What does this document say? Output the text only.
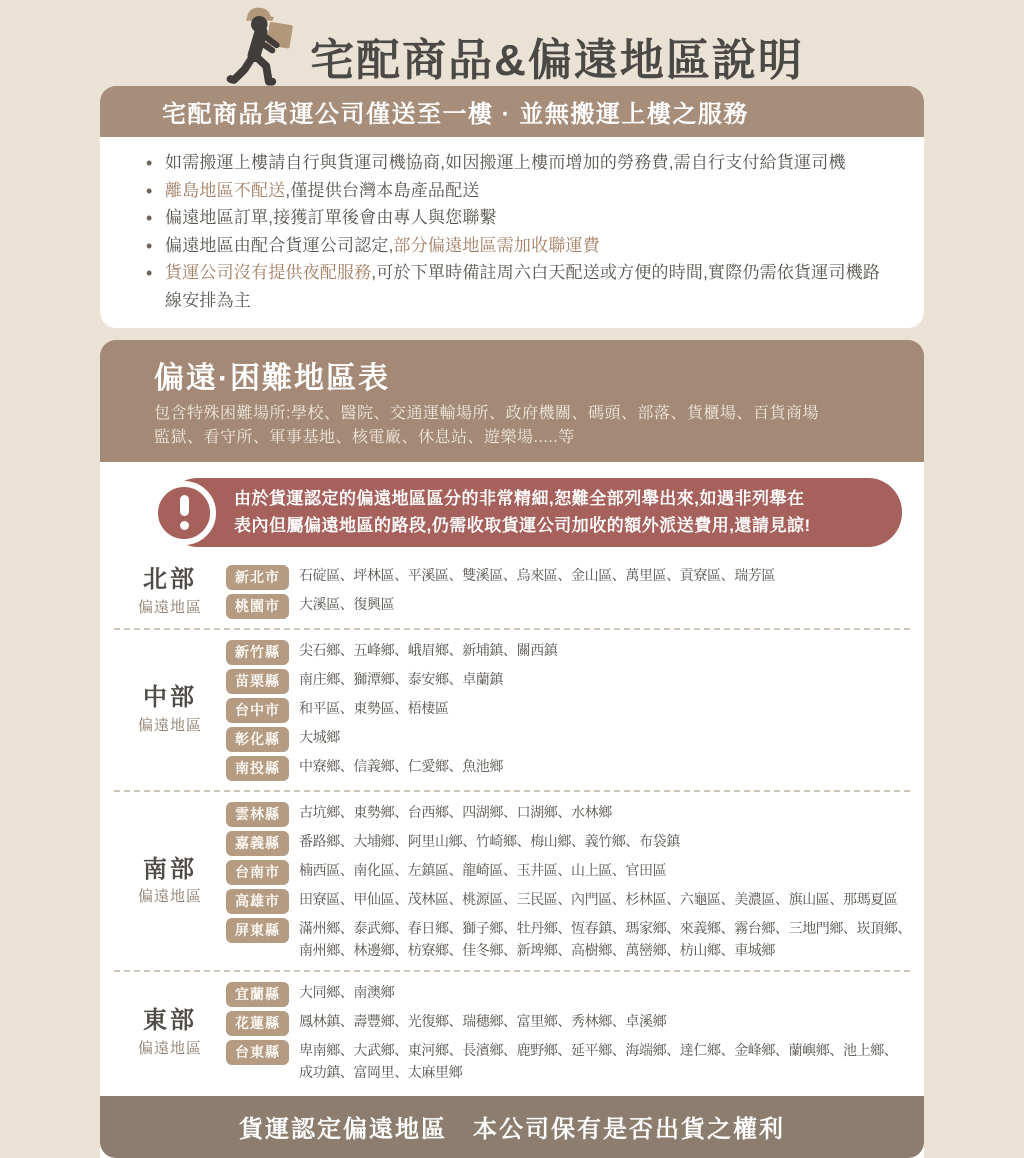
宅配商品&偏遠地區說明
宅配商品貨運公司僅送至一樓 · 並無搬運上樓之服務
• 如需搬運上樓請自行與貨運司機協商,如因搬運上樓而增加的勞務費,需自行支付給貨運司機
• 離島地區不配送,僅提供台灣本島產品配送
• 偏遠地區訂單,接獲訂單後會由專人與您聯繫
• 偏遠地區由配合貨運公司認定,部分偏遠地區需加收聯運費
• 貨運公司沒有提供夜配服務,可於下單時備註周六白天配送或方便的時間,實際仍需依貨運司機路線安排為主
偏遠·困難地區表
包含特殊困難場所:學校、醫院、交通運輸場所、政府機關、碼頭、部落、貨櫃場、百貨商場
監獄、看守所、軍事基地、核電廠、休息站、遊樂場.....等
由於貨運認定的偏遠地區區分的非常精細,恕難全部列舉出來,如遇非列舉在
表內但屬偏遠地區的路段,仍需收取貨運公司加收的額外派送費用,還請見諒!
北部
偏遠地區
新北市	石碇區、坪林區、平溪區、雙溪區、烏來區、金山區、萬里區、貢寮區、瑞芳區
桃園市	大溪區、復興區
中部
偏遠地區
新竹縣	尖石鄉、五峰鄉、峨眉鄉、新埔鎮、關西鎮
苗栗縣	南庄鄉、獅潭鄉、泰安鄉、卓蘭鎮
台中市	和平區、東勢區、梧棲區
彰化縣	大城鄉
南投縣	中寮鄉、信義鄉、仁愛鄉、魚池鄉
南部
偏遠地區
雲林縣	古坑鄉、東勢鄉、台西鄉、四湖鄉、口湖鄉、水林鄉
嘉義縣	番路鄉、大埔鄉、阿里山鄉、竹崎鄉、梅山鄉、義竹鄉、布袋鎮
台南市	楠西區、南化區、左鎮區、龍崎區、玉井區、山上區、官田區
高雄市	田寮區、甲仙區、茂林區、桃源區、三民區、內門區、杉林區、六龜區、美濃區、旗山區、那瑪夏區
屏東縣	滿州鄉、泰武鄉、春日鄉、獅子鄉、牡丹鄉、恆春鎮、瑪家鄉、來義鄉、霧台鄉、三地門鄉、崁頂鄉、
南州鄉、林邊鄉、枋寮鄉、佳冬鄉、新埤鄉、高樹鄉、萬巒鄉、枋山鄉、車城鄉
東部
偏遠地區
宜蘭縣	大同鄉、南澳鄉
花蓮縣	鳳林鎮、壽豐鄉、光復鄉、瑞穗鄉、富里鄉、秀林鄉、卓溪鄉
台東縣	卑南鄉、大武鄉、東河鄉、長濱鄉、鹿野鄉、延平鄉、海端鄉、達仁鄉、金峰鄉、蘭嶼鄉、池上鄉、
成功鎮、富岡里、太麻里鄉
貨運認定偏遠地區　本公司保有是否出貨之權利
